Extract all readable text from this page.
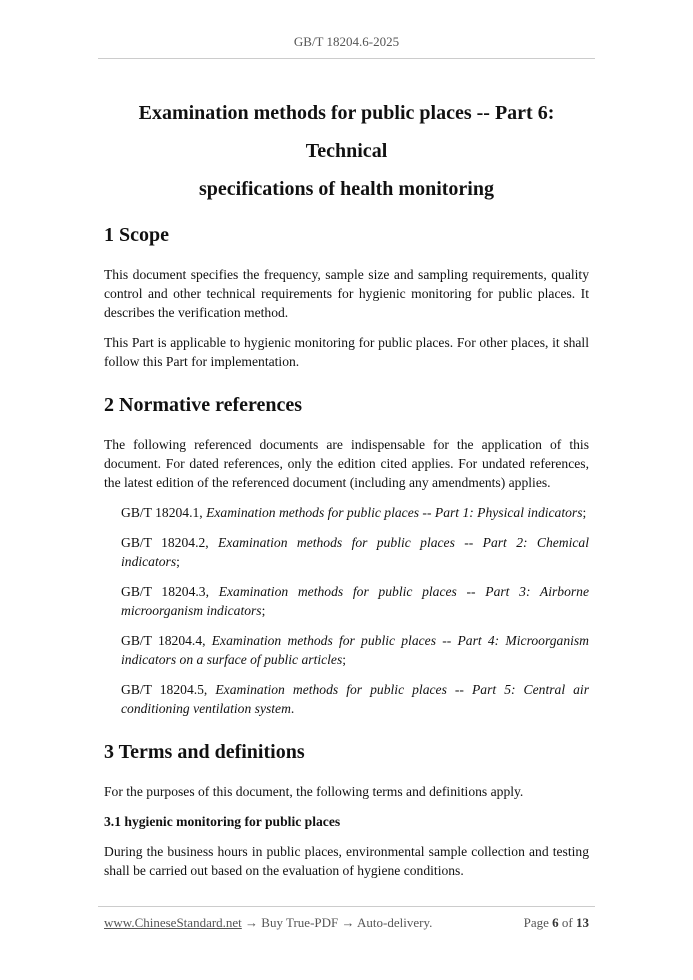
GB/T 18204.6-2025
Examination methods for public places -- Part 6: Technical
specifications of health monitoring
1 Scope

This document specifies the frequency, sample size and sampling requirements, quality control and other technical requirements for hygienic monitoring for public places. It describes the verification method.

This Part is applicable to hygienic monitoring for public places. For other places, it shall follow this Part for implementation.

2 Normative references

The following referenced documents are indispensable for the application of this document. For dated references, only the edition cited applies. For undated references, the latest edition of the referenced document (including any amendments) applies.

GB/T 18204.1, Examination methods for public places -- Part 1: Physical indicators;

GB/T 18204.2, Examination methods for public places -- Part 2: Chemical indicators;

GB/T 18204.3, Examination methods for public places -- Part 3: Airborne microorganism indicators;

GB/T 18204.4, Examination methods for public places -- Part 4: Microorganism indicators on a surface of public articles;

GB/T 18204.5, Examination methods for public places -- Part 5: Central air conditioning ventilation system.

3 Terms and definitions

For the purposes of this document, the following terms and definitions apply.

3.1 hygienic monitoring for public places

During the business hours in public places, environmental sample collection and testing shall be carried out based on the evaluation of hygiene conditions.

www.ChineseStandard.net → Buy True-PDF → Auto-delivery.	Page 6 of 13
